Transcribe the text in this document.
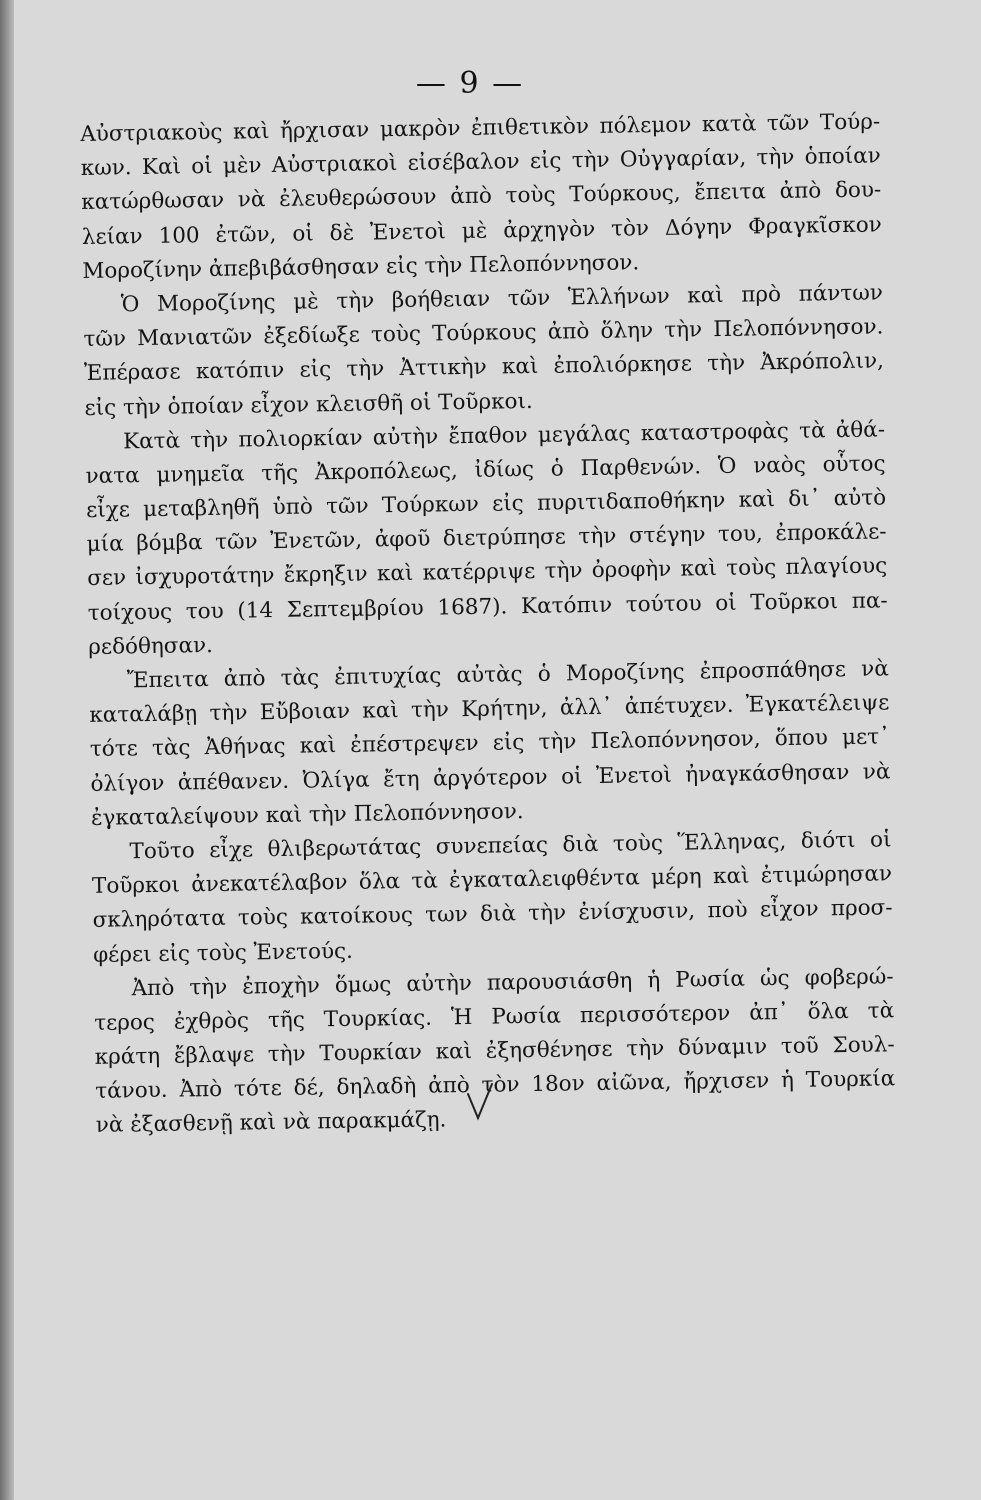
— 9 —
Αὐστριακοὺς καὶ ἤρχισαν μακρὸν ἐπιθετικὸν πόλεμον κατὰ τῶν Τούρ-
κων. Καὶ οἱ μὲν Αὐστριακοὶ εἰσέβαλον εἰς τὴν Οὐγγαρίαν, τὴν ὁποίαν
κατώρθωσαν νὰ ἐλευθερώσουν ἀπὸ τοὺς Τούρκους, ἔπειτα ἀπὸ δου-
λείαν 100 ἐτῶν, οἱ δὲ Ἐνετοὶ μὲ ἀρχηγὸν τὸν Δόγην Φραγκῖσκον
Μοροζίνην ἀπεβιβάσθησαν εἰς τὴν Πελοπόννησον.
Ὁ Μοροζίνης μὲ τὴν βοήθειαν τῶν Ἑλλήνων καὶ πρὸ πάντων
τῶν Μανιατῶν ἐξεδίωξε τοὺς Τούρκους ἀπὸ ὅλην τὴν Πελοπόννησον.
Ἐπέρασε κατόπιν εἰς τὴν Ἀττικὴν καὶ ἐπολιόρκησε τὴν Ἀκρόπολιν,
εἰς τὴν ὁποίαν εἶχον κλεισθῆ οἱ Τοῦρκοι.
Κατὰ τὴν πολιορκίαν αὐτὴν ἔπαθον μεγάλας καταστροφὰς τὰ ἀθά-
νατα μνημεῖα τῆς Ἀκροπόλεως, ἰδίως ὁ Παρθενών. Ὁ ναὸς οὗτος
εἶχε μεταβληθῆ ὑπὸ τῶν Τούρκων εἰς πυριτιδαποθήκην καὶ δι᾿ αὐτὸ
μία βόμβα τῶν Ἐνετῶν, ἀφοῦ διετρύπησε τὴν στέγην του, ἐπροκάλε-
σεν ἰσχυροτάτην ἔκρηξιν καὶ κατέρριψε τὴν ὀροφὴν καὶ τοὺς πλαγίους
τοίχους του (14 Σεπτεμβρίου 1687). Κατόπιν τούτου οἱ Τοῦρκοι πα-
ρεδόθησαν.
Ἔπειτα ἀπὸ τὰς ἐπιτυχίας αὐτὰς ὁ Μοροζίνης ἐπροσπάθησε νὰ
καταλάβῃ τὴν Εὔβοιαν καὶ τὴν Κρήτην, ἀλλ᾿ ἀπέτυχεν. Ἐγκατέλειψε
τότε τὰς Ἀθήνας καὶ ἐπέστρεψεν εἰς τὴν Πελοπόννησον, ὅπου μετ᾿
ὀλίγον ἀπέθανεν. Ὀλίγα ἔτη ἀργότερον οἱ Ἐνετοὶ ἠναγκάσθησαν νὰ
ἐγκαταλείψουν καὶ τὴν Πελοπόννησον.
Τοῦτο εἶχε θλιβερωτάτας συνεπείας διὰ τοὺς Ἕλληνας, διότι οἱ
Τοῦρκοι ἀνεκατέλαβον ὅλα τὰ ἐγκαταλειφθέντα μέρη καὶ ἐτιμώρησαν
σκληρότατα τοὺς κατοίκους των διὰ τὴν ἐνίσχυσιν, ποὺ εἶχον προσ-
φέρει εἰς τοὺς Ἐνετούς.
Ἀπὸ τὴν ἐποχὴν ὅμως αὐτὴν παρουσιάσθη ἡ Ρωσία ὡς φοβερώ-
τερος ἐχθρὸς τῆς Τουρκίας. Ἡ Ρωσία περισσότερον ἀπ᾿ ὅλα τὰ
κράτη ἔβλαψε τὴν Τουρκίαν καὶ ἐξησθένησε τὴν δύναμιν τοῦ Σουλ-
τάνου. Ἀπὸ τότε δέ, δηλαδὴ ἀπὸ τὸν 18ον αἰῶνα, ἤρχισεν ἡ Τουρκία
νὰ ἐξασθενῇ καὶ νὰ παρακμάζῃ.
